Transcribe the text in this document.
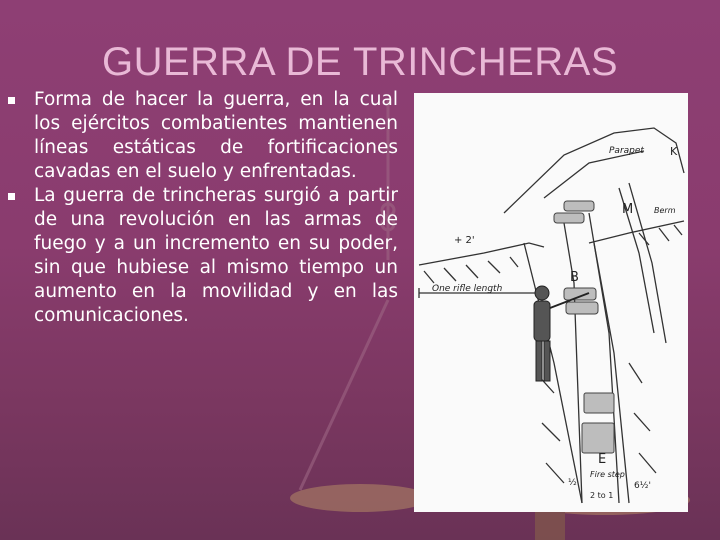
GUERRA DE TRINCHERAS
Forma de hacer la guerra, en la cual los ejércitos combatientes mantienen líneas estáticas de fortificaciones cavadas en el suelo y enfrentadas.
La guerra de trincheras surgió a partir de una revolución en las armas de fuego y a un incremento en su poder, sin que hubiese al mismo tiempo un aumento en la movilidad y en las comunicaciones.
One rifle length
Parapet
+ 2'
M
B
E
K
Berm
Fire step
6½'
2 to 1
½
